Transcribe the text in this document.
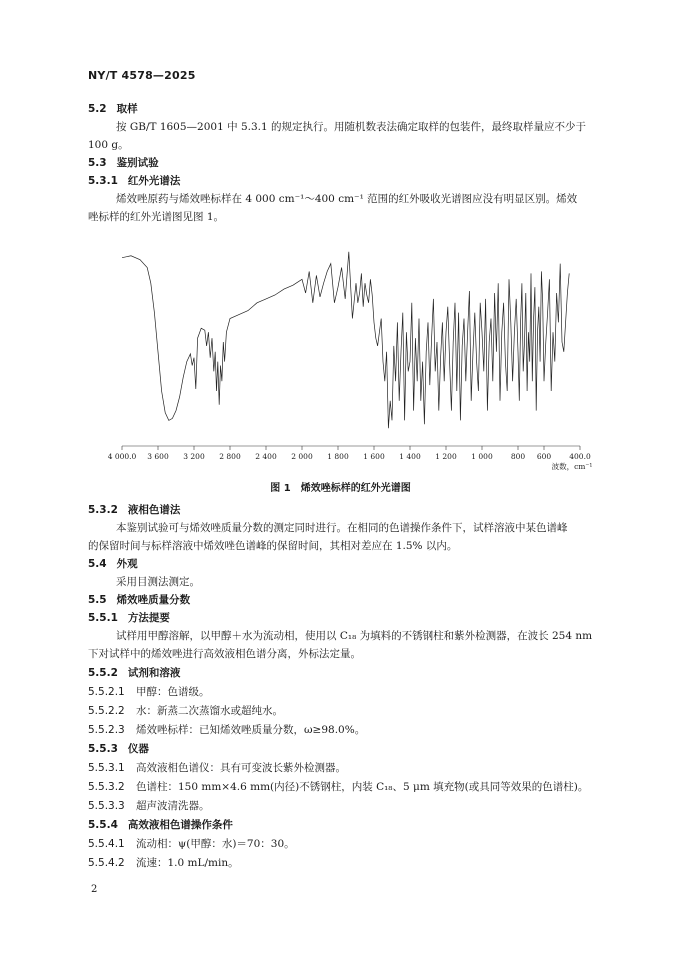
NY/T 4578—2025
5.2 取样
按 GB/T 1605—2001 中 5.3.1 的规定执行。用随机数表法确定取样的包装件，最终取样量应不少于
100 g。
5.3 鉴别试验
5.3.1 红外光谱法
烯效唑原药与烯效唑标样在 4 000 cm⁻¹～400 cm⁻¹ 范围的红外吸收光谱图应没有明显区别。烯效
唑标样的红外光谱图见图 1。
4 000.0 3 600 3 200 2 800 2 400 2 000 1 800 1 600 1 400 1 200 1 000 800 600 400.0
波数，cm⁻¹
图 1　烯效唑标样的红外光谱图
5.3.2 液相色谱法
本鉴别试验可与烯效唑质量分数的测定同时进行。在相同的色谱操作条件下，试样溶液中某色谱峰
的保留时间与标样溶液中烯效唑色谱峰的保留时间，其相对差应在 1.5% 以内。
5.4 外观
采用目测法测定。
5.5 烯效唑质量分数
5.5.1 方法提要
试样用甲醇溶解，以甲醇＋水为流动相，使用以 C₁₈ 为填料的不锈钢柱和紫外检测器，在波长 254 nm
下对试样中的烯效唑进行高效液相色谱分离，外标法定量。
5.5.2 试剂和溶液
5.5.2.1 甲醇：色谱级。
5.5.2.2 水：新蒸二次蒸馏水或超纯水。
5.5.2.3 烯效唑标样：已知烯效唑质量分数，ω≥98.0%。
5.5.3 仪器
5.5.3.1 高效液相色谱仪：具有可变波长紫外检测器。
5.5.3.2 色谱柱：150 mm×4.6 mm(内径)不锈钢柱，内装 C₁₈、5 μm 填充物(或具同等效果的色谱柱)。
5.5.3.3 超声波清洗器。
5.5.4 高效液相色谱操作条件
5.5.4.1 流动相：ψ(甲醇：水)＝70：30。
5.5.4.2 流速：1.0 mL/min。
2
